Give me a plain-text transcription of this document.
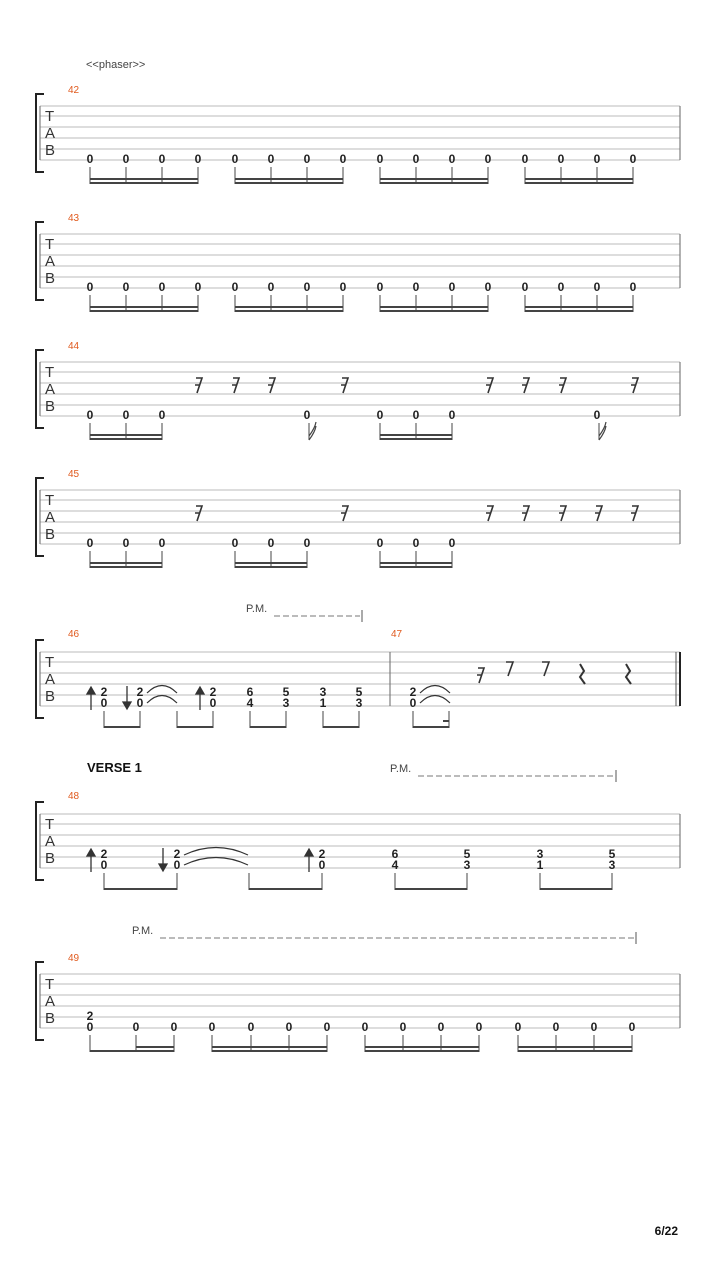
<<phaser>>
T
A
B
42
0 0 0 0	0 0 0 0	0 0 0 0	0 0 0 0
T
A
B
43
0 0 0 0	0 0 0 0	0 0 0 0	0 0 0 0
T
A
B
44
0 0 0	0	0 0 0	0
T
A
B
45
0 0 0	0 0 0	0 0 0
P.M.
T
A
B
46	47
2
0
2
0
2
0
6
4
5
3
3
1
5
3
2
0
VERSE 1	P.M.
T
A
B
48
2
0
2
0
2
0
6
4
5
3
3
1
5
3
P.M.
T
A
B
49
2
0	0	0	0	0	0	0	0	0	0	0	0	0	0	0
6/22
